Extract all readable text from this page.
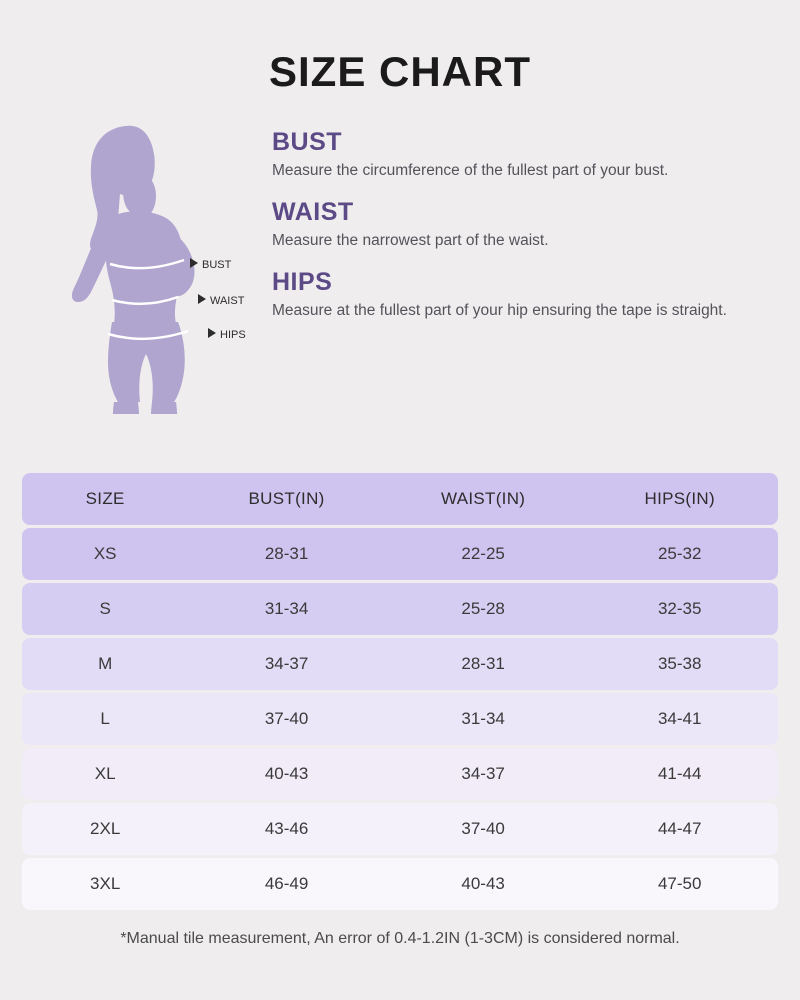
SIZE CHART
BUST
WAIST
HIPS

BUST

Measure the circumference of the fullest part of your bust.

WAIST

Measure the narrowest part of the waist.

HIPS

Measure at the fullest part of your hip ensuring the tape is straight.

SIZE	BUST(IN)	WAIST(IN)	HIPS(IN)
XS	28-31	22-25	25-32
S	31-34	25-28	32-35
M	34-37	28-31	35-38
L	37-40	31-34	34-41
XL	40-43	34-37	41-44
2XL	43-46	37-40	44-47
3XL	46-49	40-43	47-50
*Manual tile measurement, An error of 0.4-1.2IN (1-3CM) is considered normal.
